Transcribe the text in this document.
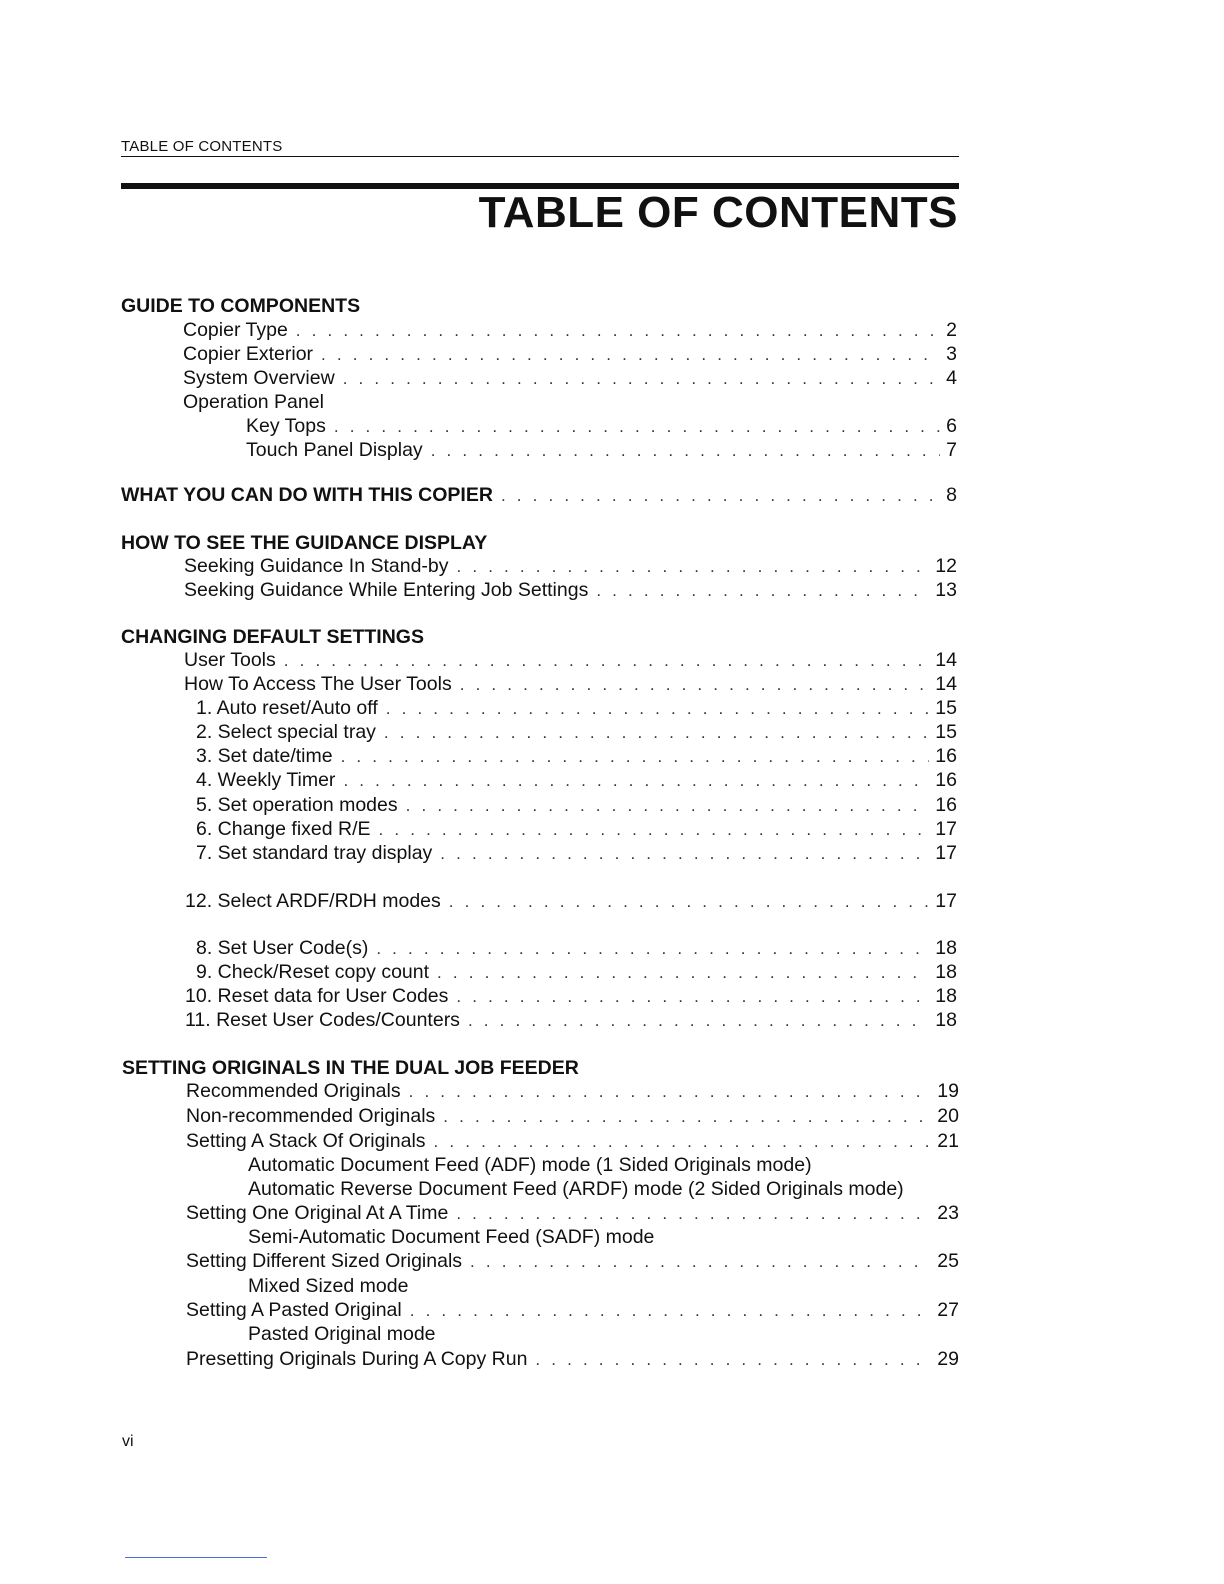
TABLE OF CONTENTS
TABLE OF CONTENTS
GUIDE TO COMPONENTS
Copier Type . . .	2
Copier Exterior . . .	3
System Overview . . .	4
Operation Panel
Key Tops . . .	6
Touch Panel Display . . .	7
WHAT YOU CAN DO WITH THIS COPIER . . .	8
HOW TO SEE THE GUIDANCE DISPLAY
Seeking Guidance In Stand-by . . .	12
Seeking Guidance While Entering Job Settings . . .	13
CHANGING DEFAULT SETTINGS
User Tools . . .	14
How To Access The User Tools . . .	14
1. Auto reset/Auto off . . .	15
2. Select special tray . . .	15
3. Set date/time . . .	16
4. Weekly Timer . . .	16
5. Set operation modes . . .	16
6. Change fixed R/E . . .	17
7. Set standard tray display . . .	17
12. Select ARDF/RDH modes . . .	17
8. Set User Code(s) . . .	18
9. Check/Reset copy count . . .	18
10. Reset data for User Codes . . .	18
11. Reset User Codes/Counters . . .	18
SETTING ORIGINALS IN THE DUAL JOB FEEDER
Recommended Originals . . .	19
Non-recommended Originals . . .	20
Setting A Stack Of Originals . . .	21
Automatic Document Feed (ADF) mode (1 Sided Originals mode)
Automatic Reverse Document Feed (ARDF) mode (2 Sided Originals mode)
Setting One Original At A Time . . .	23
Semi-Automatic Document Feed (SADF) mode
Setting Different Sized Originals . . .	25
Mixed Sized mode
Setting A Pasted Original . . .	27
Pasted Original mode
Presetting Originals During A Copy Run . . .	29
vi
